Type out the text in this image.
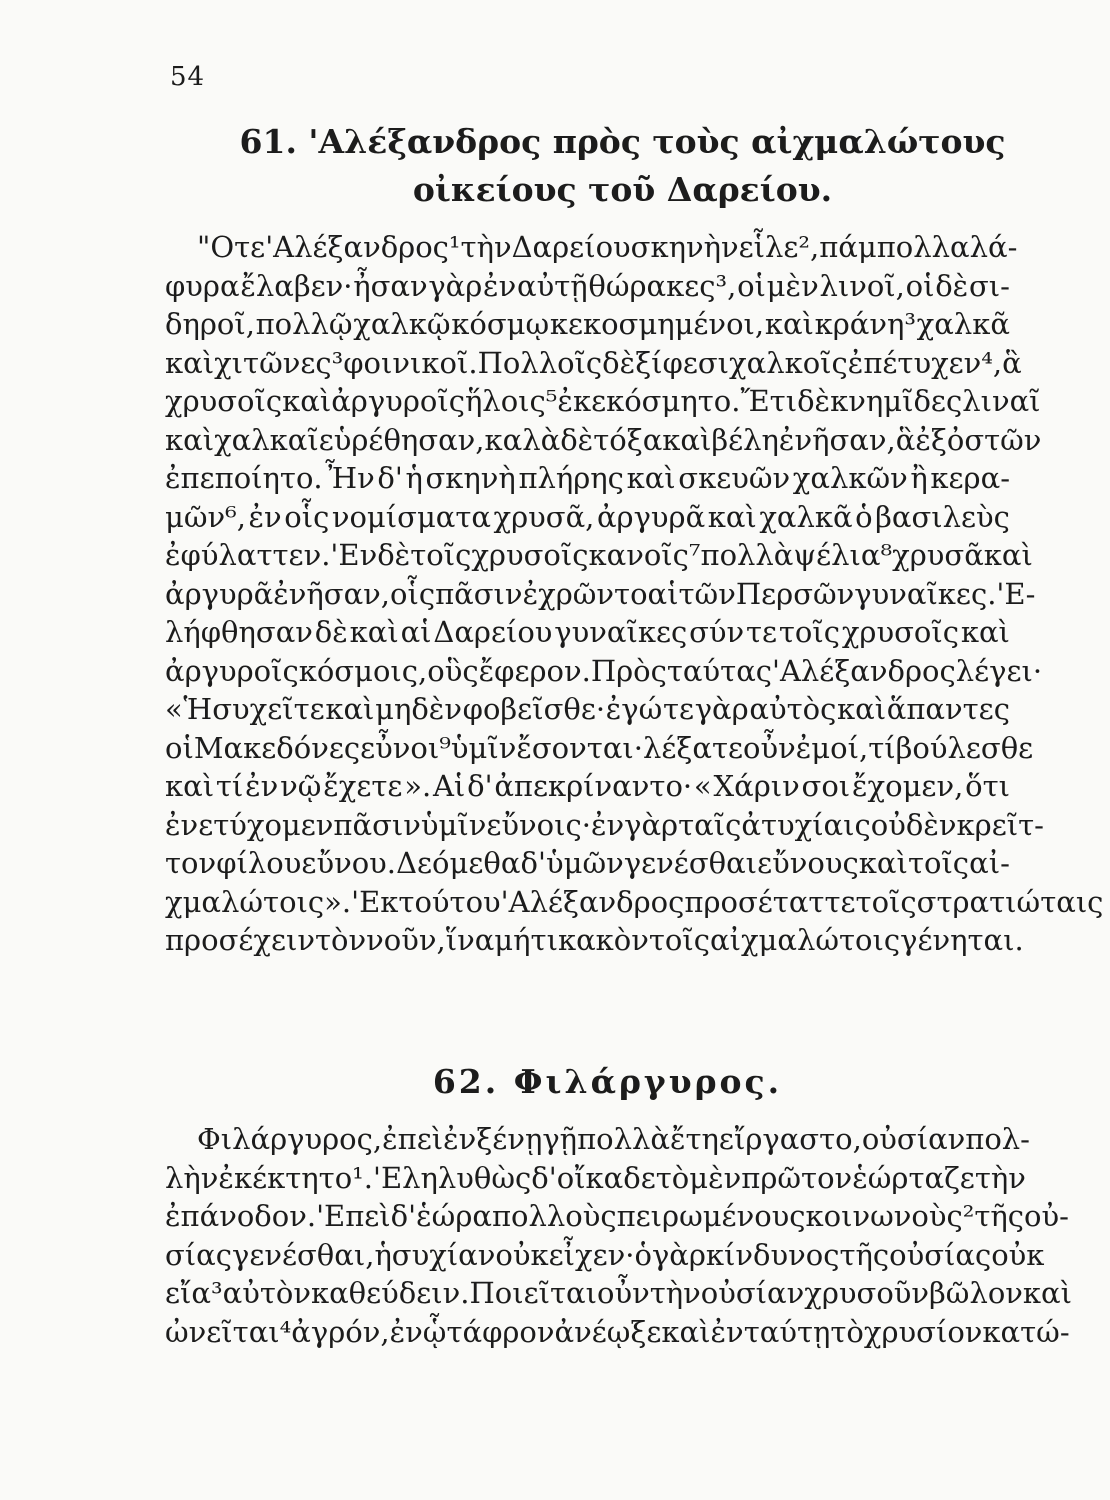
54
61. 'Αλέξανδρος πρὸς τοὺς αἰχμαλώτους
οἰκείους τοῦ Δαρείου.
"Οτε 'Αλέξανδρος¹ τὴν Δαρείου σκηνὴν εἷλε², πάμπολλα λά-
φυρα ἔλαβεν· ἦσαν γὰρ ἐν αὐτῇ θώρακες³, οἱ μὲν λινοῖ, οἱ δὲ σι-
δηροῖ, πολλῷ χαλκῷ κόσμῳ κεκοσμημένοι, καὶ κράνη³ χαλκᾶ
καὶ χιτῶνες³ φοινικοῖ. Πολλοῖς δὲ ξίφεσι χαλκοῖς ἐπέτυχεν⁴, ἃ
χρυσοῖς καὶ ἀργυροῖς ἥλοις⁵ ἐκεκόσμητο. Ἔτι δὲ κνημῖδες λιναῖ
καὶ χαλκαῖ εὑρέθησαν, καλὰ δὲ τόξα καὶ βέλη ἐνῆσαν, ἃ ἐξ ὀστῶν
ἐπεποίητο. Ἦν δ' ἡ σκηνὴ πλήρης καὶ σκευῶν χαλκῶν ἢ κερα-
μῶν⁶, ἐν οἷς νομίσματα χρυσᾶ, ἀργυρᾶ καὶ χαλκᾶ ὁ βασιλεὺς
ἐφύλαττεν. 'Εν δὲ τοῖς χρυσοῖς κανοῖς⁷ πολλὰ ψέλια⁸ χρυσᾶ καὶ
ἀργυρᾶ ἐνῆσαν, οἷς πᾶσιν ἐχρῶντο αἱ τῶν Περσῶν γυναῖκες. 'Ε-
λήφθησαν δὲ καὶ αἱ Δαρείου γυναῖκες σύν τε τοῖς χρυσοῖς καὶ
ἀργυροῖς κόσμοις, οὓς ἔφερον. Πρὸς ταύτας 'Αλέξανδρος λέγει·
« Ἡσυχεῖτε καὶ μηδὲν φοβεῖσθε· ἐγώ τε γὰρ αὐτὸς καὶ ἅπαντες
οἱ Μακεδόνες εὖνοι⁹ ὑμῖν ἔσονται· λέξατε οὖν ἐμοί, τί βούλεσθε
καὶ τί ἐν νῷ ἔχετε ». Αἱ δ' ἀπεκρίναντο· « Χάριν σοι ἔχομεν, ὅτι
ἐνετύχομεν πᾶσιν ὑμῖν εὔνοις· ἐν γὰρ ταῖς ἀτυχίαις οὐδὲν κρεῖτ-
τον φίλου εὔνου. Δεόμεθα δ' ὑμῶν γενέσθαι εὔνους καὶ τοῖς αἰ-
χμαλώτοις ». 'Εκ τούτου 'Αλέξανδρος προσέταττε τοῖς στρατιώταις
προσέχειν τὸν νοῦν, ἵνα μή τι κακὸν τοῖς αἰχμαλώτοις γένηται.
62. Φιλάργυρος.
Φιλάργυρος, ἐπεὶ ἐν ξένῃ γῇ πολλὰ ἔτη εἴργαστο, οὐσίαν πολ-
λὴν ἐκέκτητο¹. 'Εληλυθὼς δ' οἴκαδε τὸ μὲν πρῶτον ἑώρταζε τὴν
ἐπάνοδον. 'Επεὶ δ' ἑώρα πολλοὺς πειρωμένους κοινωνοὺς² τῆς οὐ-
σίας γενέσθαι, ἡσυχίαν οὐκ εἶχεν· ὁ γὰρ κίνδυνος τῆς οὐσίας οὐκ
εἴα³ αὐτὸν καθεύδειν. Ποιεῖται οὖν τὴν οὐσίαν χρυσοῦν βῶλον καὶ
ὠνεῖται⁴ ἀγρόν, ἐν ᾧ τάφρον ἀνέῳξε καὶ ἐν ταύτῃ τὸ χρυσίον κατώ-
